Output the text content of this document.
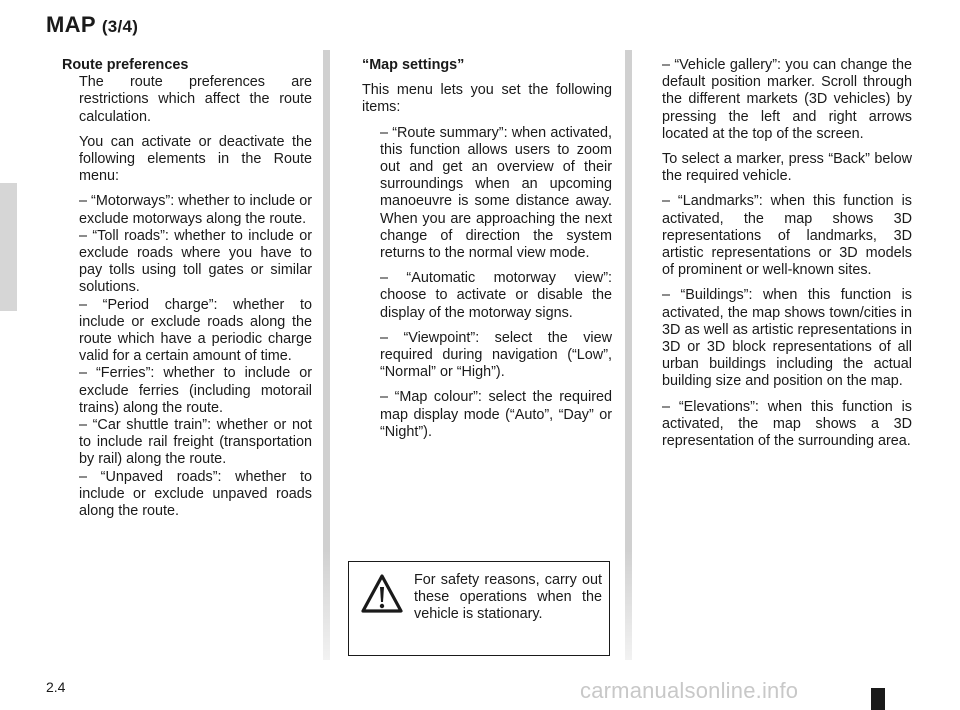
MAP (3/4)

Route preferences

The route preferences are restrictions which affect the route calculation.

You can activate or deactivate the following elements in the Route menu:

– “Motorways”: whether to include or exclude motorways along the route.

– “Toll roads”: whether to include or exclude roads where you have to pay tolls using toll gates or similar solutions.

– “Period charge”: whether to include or exclude roads along the route which have a periodic charge valid for a certain amount of time.

– “Ferries”: whether to include or exclude ferries (including motorail trains) along the route.

– “Car shuttle train”: whether or not to include rail freight (transportation by rail) along the route.

– “Unpaved roads”: whether to include or exclude unpaved roads along the route.

“Map settings”

This menu lets you set the following items:

– “Route summary”: when activated, this function allows users to zoom out and get an overview of their surroundings when an upcoming manoeuvre is some distance away. When you are approaching the next change of direction the system returns to the normal view mode.

– “Automatic motorway view”: choose to activate or disable the display of the motorway signs.

– “Viewpoint”: select the view required during navigation (“Low”, “Normal” or “High”).

– “Map colour”: select the required map display mode (“Auto”, “Day” or “Night”).

– “Vehicle gallery”: you can change the default position marker. Scroll through the different markets (3D vehicles) by pressing the left and right arrows located at the top of the screen.

To select a marker, press “Back” below the required vehicle.

– “Landmarks”: when this function is activated, the map shows 3D representations of landmarks, 3D artistic representations or 3D models of prominent or well-known sites.

– “Buildings”: when this function is activated, the map shows town/cities in 3D as well as artistic representations in 3D or 3D block representations of all urban buildings including the actual building size and position on the map.

– “Elevations”: when this function is activated, the map shows a 3D representation of the surrounding area.

For safety reasons, carry out these operations when the vehicle is stationary.
2.4	carmanualsonline.info
